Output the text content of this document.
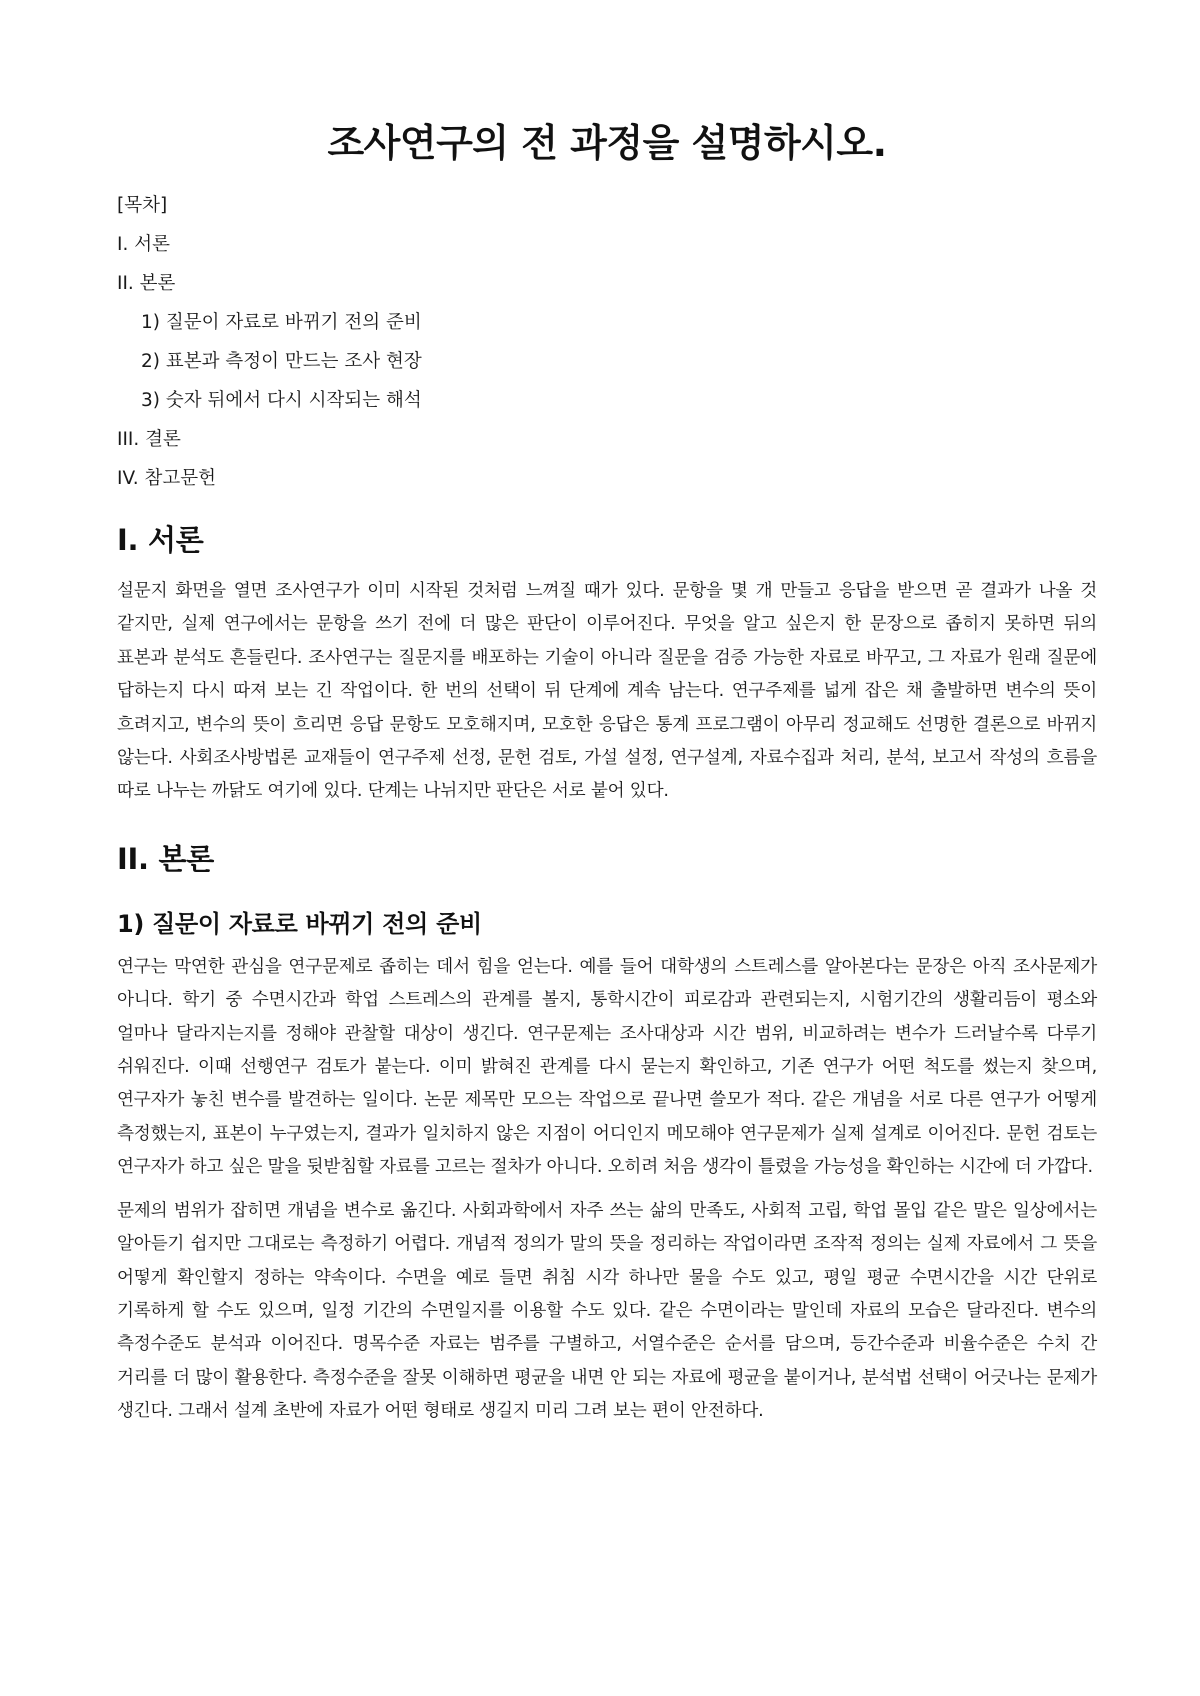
조사연구의 전 과정을 설명하시오.
[목차]
I. 서론
II. 본론
1) 질문이 자료로 바뀌기 전의 준비
2) 표본과 측정이 만드는 조사 현장
3) 숫자 뒤에서 다시 시작되는 해석
III. 결론
IV. 참고문헌
I. 서론

설문지 화면을 열면 조사연구가 이미 시작된 것처럼 느껴질 때가 있다. 문항을 몇 개 만들고 응답을 받으면 곧 결과가 나올 것 같지만, 실제 연구에서는 문항을 쓰기 전에 더 많은 판단이 이루어진다. 무엇을 알고 싶은지 한 문장으로 좁히지 못하면 뒤의 표본과 분석도 흔들린다. 조사연구는 질문지를 배포하는 기술이 아니라 질문을 검증 가능한 자료로 바꾸고, 그 자료가 원래 질문에 답하는지 다시 따져 보는 긴 작업이다. 한 번의 선택이 뒤 단계에 계속 남는다. 연구주제를 넓게 잡은 채 출발하면 변수의 뜻이 흐려지고, 변수의 뜻이 흐리면 응답 문항도 모호해지며, 모호한 응답은 통계 프로그램이 아무리 정교해도 선명한 결론으로 바뀌지 않는다. 사회조사방법론 교재들이 연구주제 선정, 문헌 검토, 가설 설정, 연구설계, 자료수집과 처리, 분석, 보고서 작성의 흐름을 따로 나누는 까닭도 여기에 있다. 단계는 나뉘지만 판단은 서로 붙어 있다.

II. 본론
1) 질문이 자료로 바뀌기 전의 준비

연구는 막연한 관심을 연구문제로 좁히는 데서 힘을 얻는다. 예를 들어 대학생의 스트레스를 알아본다는 문장은 아직 조사문제가 아니다. 학기 중 수면시간과 학업 스트레스의 관계를 볼지, 통학시간이 피로감과 관련되는지, 시험기간의 생활리듬이 평소와 얼마나 달라지는지를 정해야 관찰할 대상이 생긴다. 연구문제는 조사대상과 시간 범위, 비교하려는 변수가 드러날수록 다루기 쉬워진다. 이때 선행연구 검토가 붙는다. 이미 밝혀진 관계를 다시 묻는지 확인하고, 기존 연구가 어떤 척도를 썼는지 찾으며, 연구자가 놓친 변수를 발견하는 일이다. 논문 제목만 모으는 작업으로 끝나면 쓸모가 적다. 같은 개념을 서로 다른 연구가 어떻게 측정했는지, 표본이 누구였는지, 결과가 일치하지 않은 지점이 어디인지 메모해야 연구문제가 실제 설계로 이어진다. 문헌 검토는 연구자가 하고 싶은 말을 뒷받침할 자료를 고르는 절차가 아니다. 오히려 처음 생각이 틀렸을 가능성을 확인하는 시간에 더 가깝다.

문제의 범위가 잡히면 개념을 변수로 옮긴다. 사회과학에서 자주 쓰는 삶의 만족도, 사회적 고립, 학업 몰입 같은 말은 일상에서는 알아듣기 쉽지만 그대로는 측정하기 어렵다. 개념적 정의가 말의 뜻을 정리하는 작업이라면 조작적 정의는 실제 자료에서 그 뜻을 어떻게 확인할지 정하는 약속이다. 수면을 예로 들면 취침 시각 하나만 물을 수도 있고, 평일 평균 수면시간을 시간 단위로 기록하게 할 수도 있으며, 일정 기간의 수면일지를 이용할 수도 있다. 같은 수면이라는 말인데 자료의 모습은 달라진다. 변수의 측정수준도 분석과 이어진다. 명목수준 자료는 범주를 구별하고, 서열수준은 순서를 담으며, 등간수준과 비율수준은 수치 간 거리를 더 많이 활용한다. 측정수준을 잘못 이해하면 평균을 내면 안 되는 자료에 평균을 붙이거나, 분석법 선택이 어긋나는 문제가 생긴다. 그래서 설계 초반에 자료가 어떤 형태로 생길지 미리 그려 보는 편이 안전하다.
